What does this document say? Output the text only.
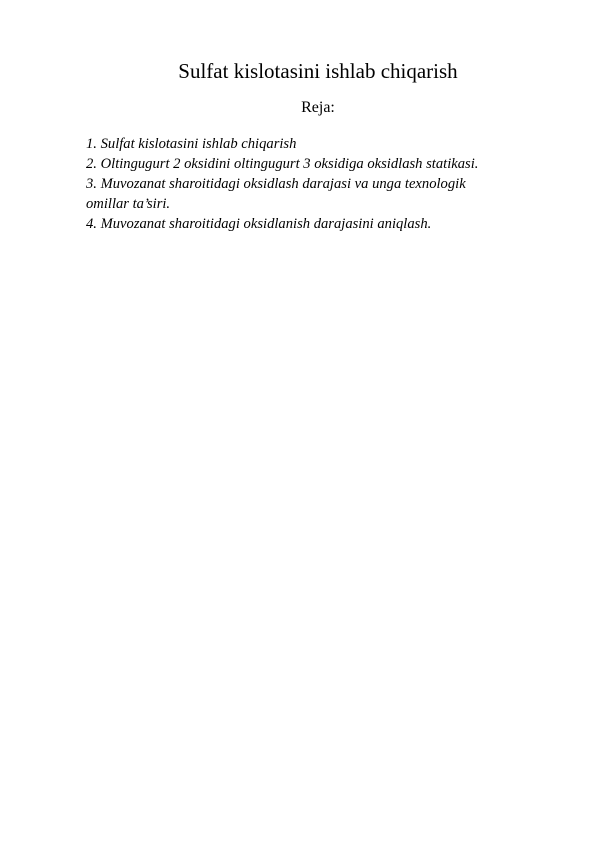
Sulfat kislotasini ishlab chiqarish
Reja:
1. Sulfat kislotasini ishlab chiqarish
2. Oltingugurt 2 oksidini oltingugurt 3 oksidiga oksidlash statikasi.
3. Muvozanat sharoitidagi oksidlash darajasi va unga texnologik
omillar ta’siri.
4. Muvozanat sharoitidagi oksidlanish darajasini aniqlash.
